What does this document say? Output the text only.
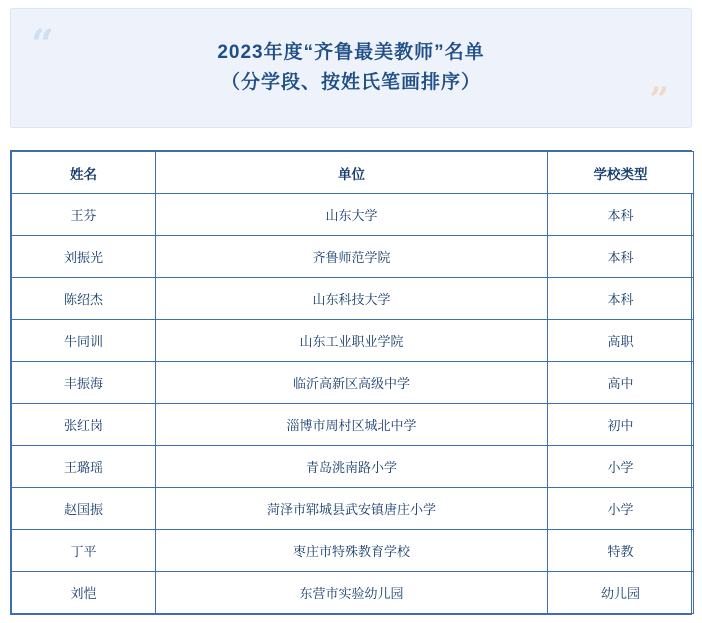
“	2023年度“齐鲁最美教师”名单
（分学段、按姓氏笔画排序）	”
姓名	单位	学校类型
王芬	山东大学	本科
刘振光	齐鲁师范学院	本科
陈绍杰	山东科技大学	本科
牛同训	山东工业职业学院	高职
丰振海	临沂高新区高级中学	高中
张红岗	淄博市周村区城北中学	初中
王璐瑶	青岛洮南路小学	小学
赵国振	菏泽市郓城县武安镇唐庄小学	小学
丁平	枣庄市特殊教育学校	特教
刘恺	东营市实验幼儿园	幼儿园
